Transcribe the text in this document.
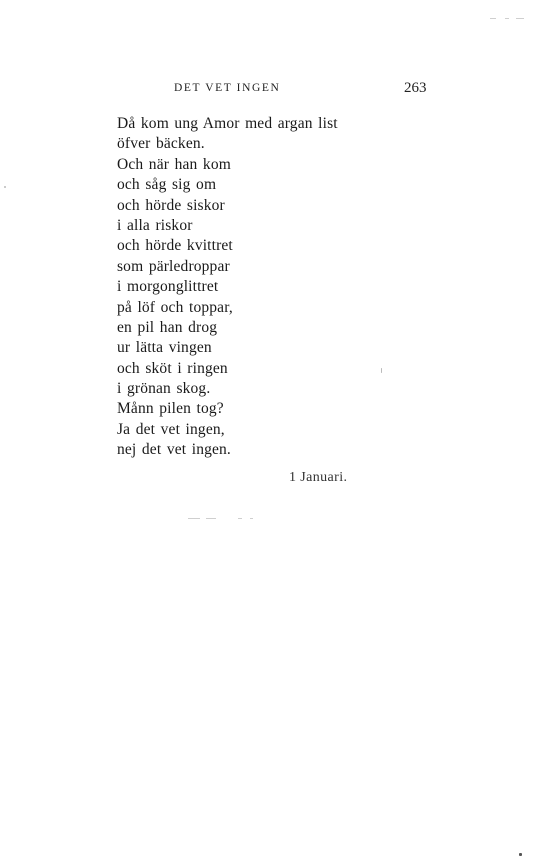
DET VET INGEN	263
Då kom ung Amor med argan list
öfver bäcken.
Och när han kom
och såg sig om
och hörde siskor
i alla riskor
och hörde kvittret
som pärledroppar
i morgonglittret
på löf och toppar,
en pil han drog
ur lätta vingen
och sköt i ringen
i grönan skog.
Månn pilen tog?
Ja det vet ingen,
nej det vet ingen.
1 Januari.
